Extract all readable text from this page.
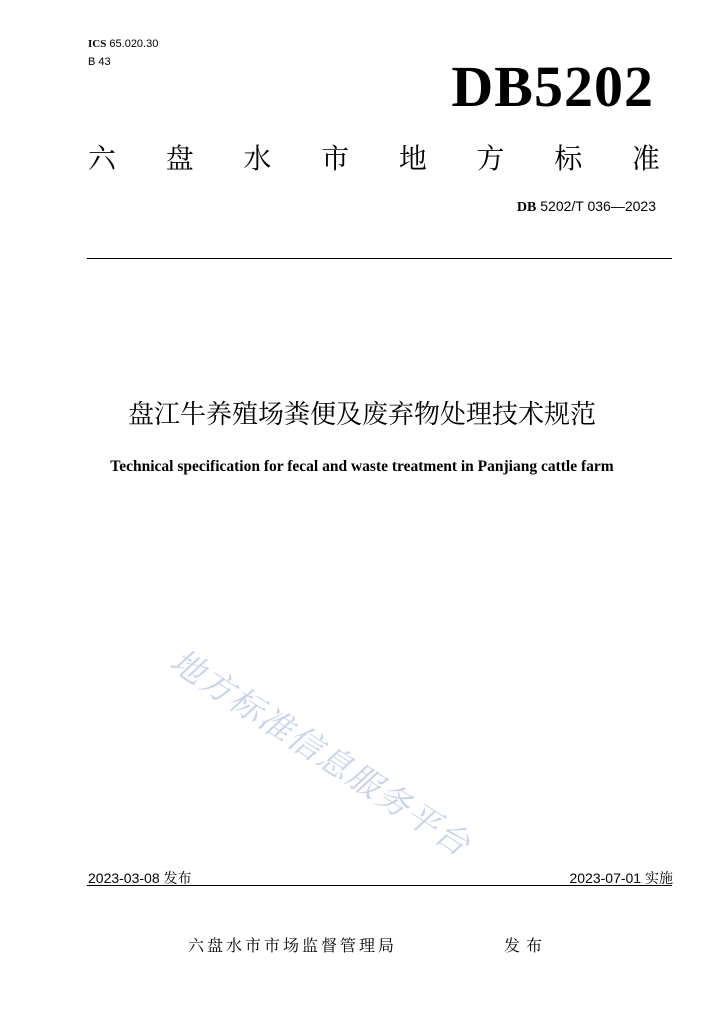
ICS 65.020.30
B 43	DB5202
六 盘 水 市 地 方 标 准
DB 5202/T 036—2023
盘江牛养殖场粪便及废弃物处理技术规范
Technical specification for fecal and waste treatment in Panjiang cattle farm
地方标准信息服务平台
2023-03-08 发布	2023-07-01 实施
六盘水市市场监督管理局	发布
